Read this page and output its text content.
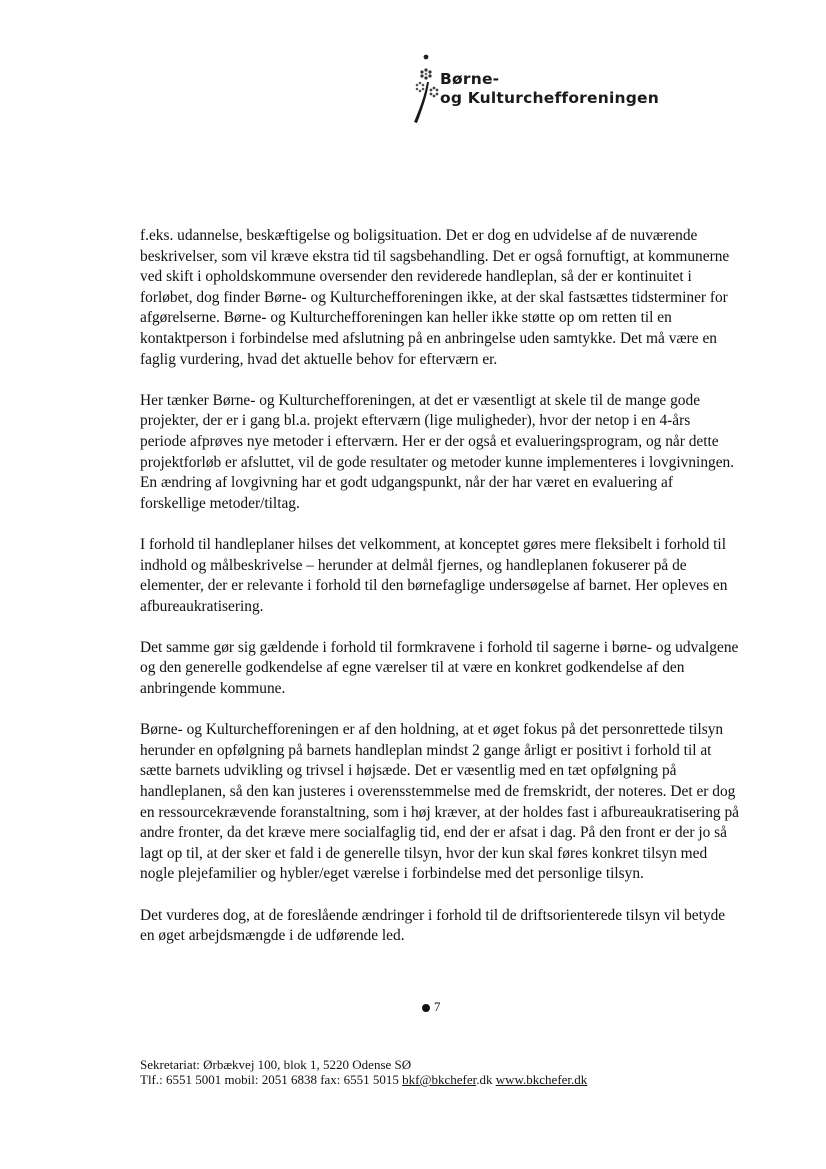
Børne-
og Kulturchefforeningen

f.eks. udannelse, beskæftigelse og boligsituation. Det er dog en udvidelse af de nuværende beskrivelser, som vil kræve ekstra tid til sagsbehandling. Det er også fornuftigt, at kommunerne ved skift i opholdskommune oversender den reviderede handleplan, så der er kontinuitet i forløbet, dog finder Børne- og Kulturchefforeningen ikke, at der skal fastsættes tidsterminer for afgørelserne. Børne- og Kulturchefforeningen kan heller ikke støtte op om retten til en kontaktperson i forbindelse med afslutning på en anbringelse uden samtykke. Det må være en faglig vurdering, hvad det aktuelle behov for efterværn er.

Her tænker Børne- og Kulturchefforeningen, at det er væsentligt at skele til de mange gode projekter, der er i gang bl.a. projekt efterværn (lige muligheder), hvor der netop i en 4-års periode afprøves nye metoder i efterværn. Her er der også et evalueringsprogram, og når dette projektforløb er afsluttet, vil de gode resultater og metoder kunne implementeres i lovgivningen. En ændring af lovgivning har et godt udgangspunkt, når der har været en evaluering af forskellige metoder/tiltag.

I forhold til handleplaner hilses det velkomment, at konceptet gøres mere fleksibelt i forhold til indhold og målbeskrivelse – herunder at delmål fjernes, og handleplanen fokuserer på de elementer, der er relevante i forhold til den børnefaglige undersøgelse af barnet. Her opleves en afbureaukratisering.

Det samme gør sig gældende i forhold til formkravene i forhold til sagerne i børne- og udvalgene og den generelle godkendelse af egne værelser til at være en konkret godkendelse af den anbringende kommune.

Børne- og Kulturchefforeningen er af den holdning, at et øget fokus på det personrettede tilsyn herunder en opfølgning på barnets handleplan mindst 2 gange årligt er positivt i forhold til at sætte barnets udvikling og trivsel i højsæde. Det er væsentlig med en tæt opfølgning på handleplanen, så den kan justeres i overensstemmelse med de fremskridt, der noteres. Det er dog en ressourcekrævende foranstaltning, som i høj kræver, at der holdes fast i afbureaukratisering på andre fronter, da det kræve mere socialfaglig tid, end der er afsat i dag. På den front er der jo så lagt op til, at der sker et fald i de generelle tilsyn, hvor der kun skal føres konkret tilsyn med nogle plejefamilier og hybler/eget værelse i forbindelse med det personlige tilsyn.

Det vurderes dog, at de foreslående ændringer i forhold til de driftsorienterede tilsyn vil betyde en øget arbejdsmængde i de udførende led.

7
Sekretariat: Ørbækvej 100, blok 1, 5220 Odense SØ
Tlf.: 6551 5001 mobil: 2051 6838 fax: 6551 5015 bkf@bkchefer.dk www.bkchefer.dk
